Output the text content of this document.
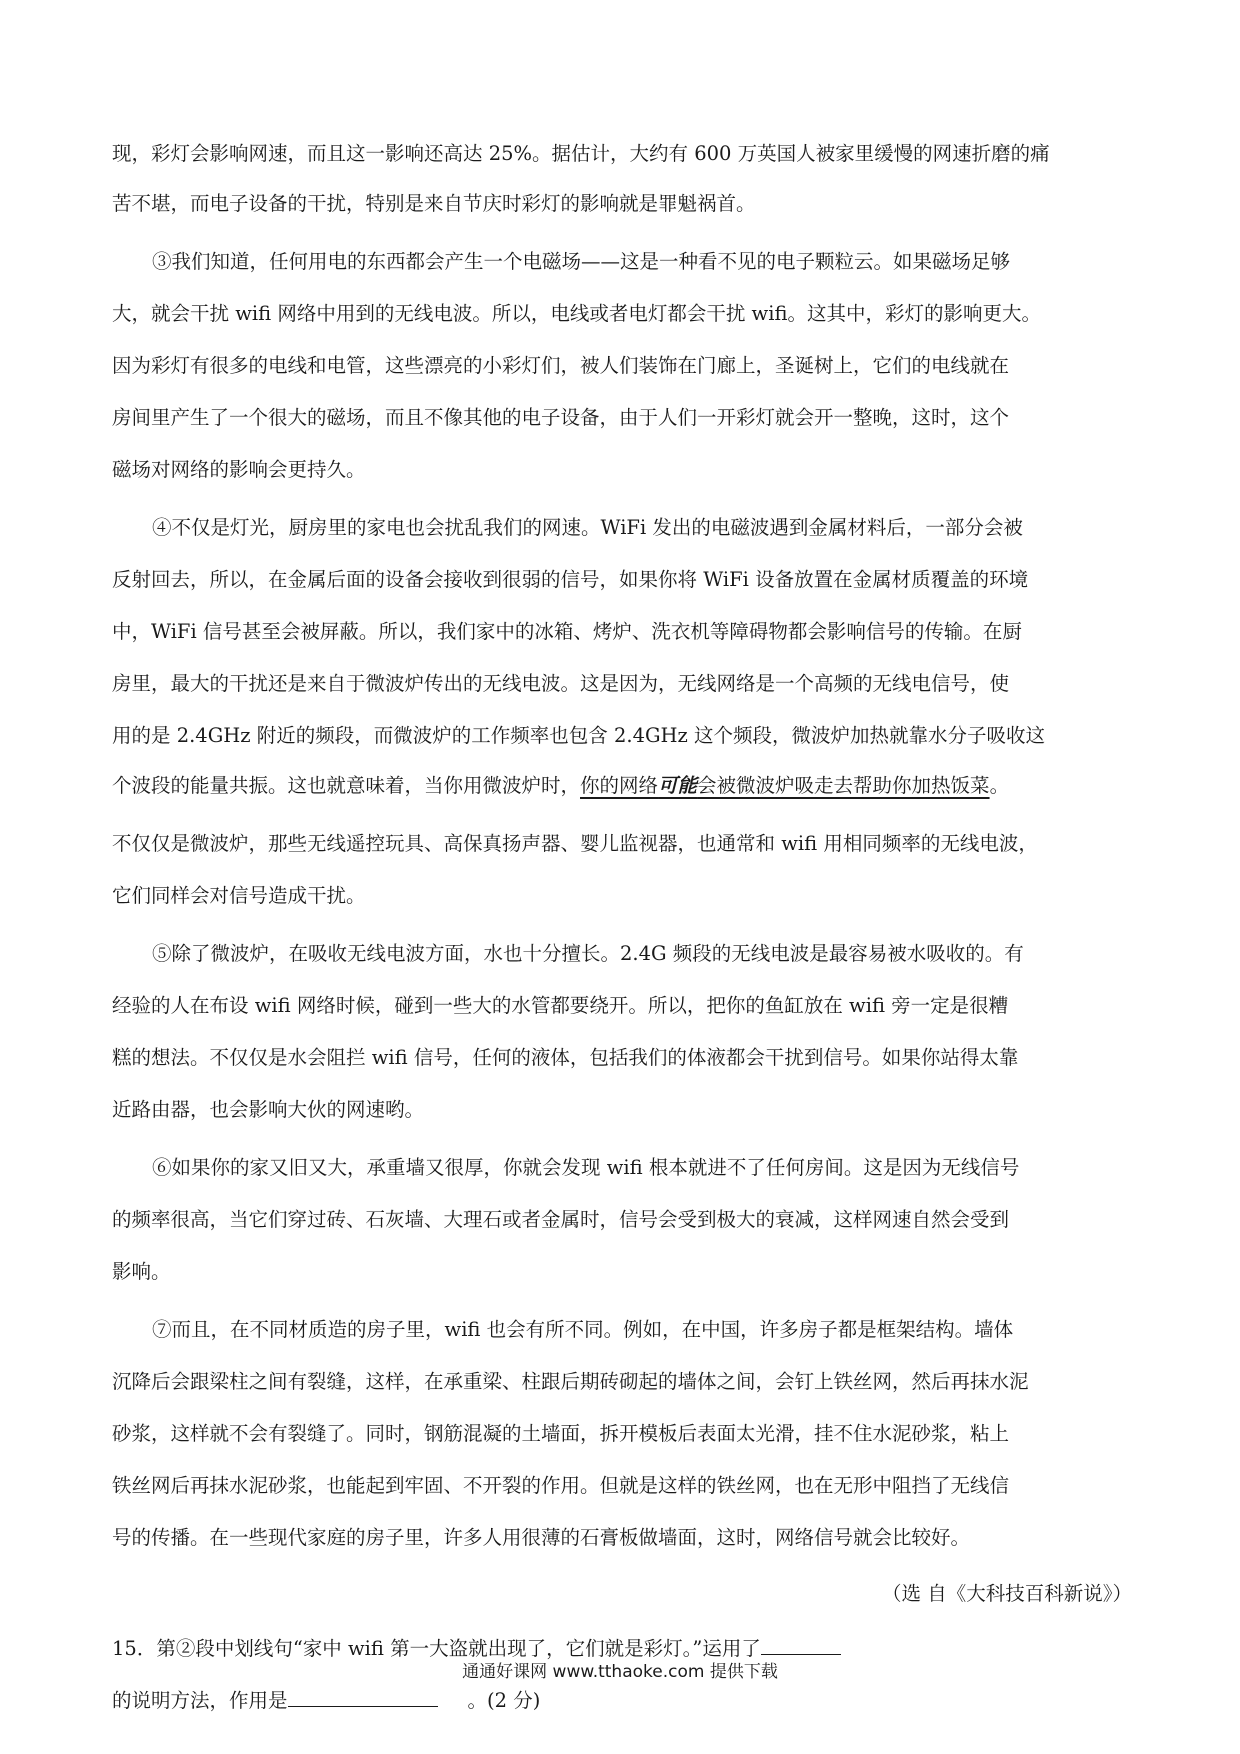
现，彩灯会影响网速，而且这一影响还高达 25%。据估计，大约有 600 万英国人被家里缓慢的网速折磨的痛
苦不堪，而电子设备的干扰，特别是来自节庆时彩灯的影响就是罪魁祸首。
③我们知道，任何用电的东西都会产生一个电磁场——这是一种看不见的电子颗粒云。如果磁场足够
大，就会干扰 wifi 网络中用到的无线电波。所以，电线或者电灯都会干扰 wifi。这其中，彩灯的影响更大。
因为彩灯有很多的电线和电管，这些漂亮的小彩灯们，被人们装饰在门廊上，圣诞树上，它们的电线就在
房间里产生了一个很大的磁场，而且不像其他的电子设备，由于人们一开彩灯就会开一整晚，这时，这个
磁场对网络的影响会更持久。
④不仅是灯光，厨房里的家电也会扰乱我们的网速。WiFi 发出的电磁波遇到金属材料后，一部分会被
反射回去，所以，在金属后面的设备会接收到很弱的信号，如果你将 WiFi 设备放置在金属材质覆盖的环境
中，WiFi 信号甚至会被屏蔽。所以，我们家中的冰箱、烤炉、洗衣机等障碍物都会影响信号的传输。在厨
房里，最大的干扰还是来自于微波炉传出的无线电波。这是因为，无线网络是一个高频的无线电信号，使
用的是 2.4GHz 附近的频段，而微波炉的工作频率也包含 2.4GHz 这个频段，微波炉加热就靠水分子吸收这
个波段的能量共振。这也就意味着，当你用微波炉时，你的网络可能会被微波炉吸走去帮助你加热饭菜。
不仅仅是微波炉，那些无线遥控玩具、高保真扬声器、婴儿监视器，也通常和 wifi 用相同频率的无线电波，
它们同样会对信号造成干扰。
⑤除了微波炉，在吸收无线电波方面，水也十分擅长。2.4G 频段的无线电波是最容易被水吸收的。有
经验的人在布设 wifi 网络时候，碰到一些大的水管都要绕开。所以，把你的鱼缸放在 wifi 旁一定是很糟
糕的想法。不仅仅是水会阻拦 wifi 信号，任何的液体，包括我们的体液都会干扰到信号。如果你站得太靠
近路由器，也会影响大伙的网速哟。
⑥如果你的家又旧又大，承重墙又很厚，你就会发现 wifi 根本就进不了任何房间。这是因为无线信号
的频率很高，当它们穿过砖、石灰墙、大理石或者金属时，信号会受到极大的衰减，这样网速自然会受到
影响。
⑦而且，在不同材质造的房子里，wifi 也会有所不同。例如，在中国，许多房子都是框架结构。墙体
沉降后会跟梁柱之间有裂缝，这样，在承重梁、柱跟后期砖砌起的墙体之间，会钉上铁丝网，然后再抹水泥
砂浆，这样就不会有裂缝了。同时，钢筋混凝的土墙面，拆开模板后表面太光滑，挂不住水泥砂浆，粘上
铁丝网后再抹水泥砂浆，也能起到牢固、不开裂的作用。但就是这样的铁丝网，也在无形中阻挡了无线信
号的传播。在一些现代家庭的房子里，许多人用很薄的石膏板做墙面，这时，网络信号就会比较好。
（选 自《大科技百科新说》）
15．第②段中划线句“家中 wifi 第一大盗就出现了，它们就是彩灯。”运用了
的说明方法，作用是	。(2 分)
通通好课网 www.tthaoke.com 提供下载
